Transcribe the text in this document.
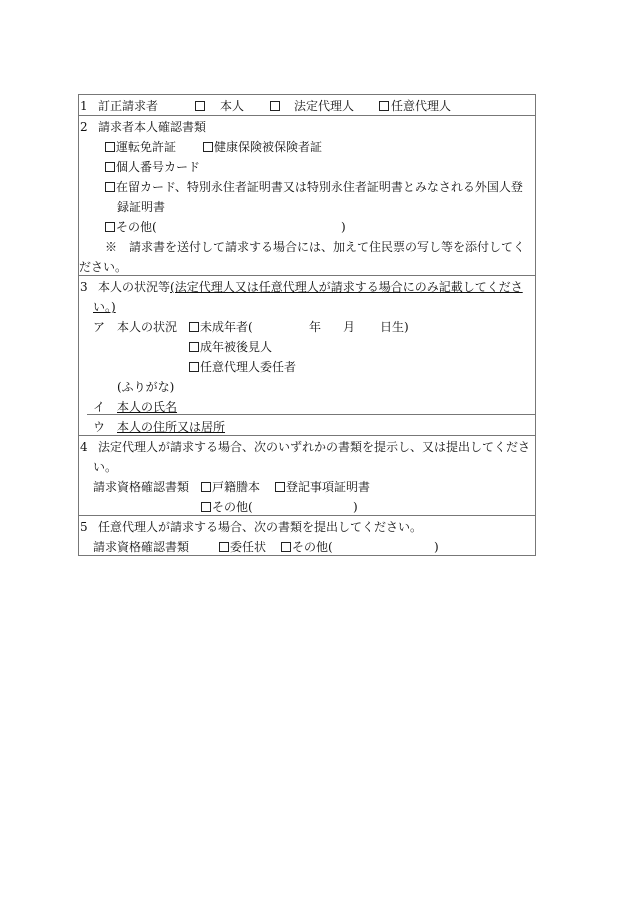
1 訂正請求者	本人	法定代理人	任意代理人
2 請求者本人確認書類
運転免許証	健康保険被保険者証
個人番号カード
在留カード、特別永住者証明書又は特別永住者証明書とみなされる外国人登
録証明書
その他(	)
※　請求書を送付して請求する場合には、加えて住民票の写し等を添付してく
ださい。
3 本人の状況等(法定代理人又は任意代理人が請求する場合にのみ記載してくださ
い。)
ア　本人の状況	未成年者(	年 月 日生)
成年被後見人
任意代理人委任者
(ふりがな)
イ 本人の氏名
ウ 本人の住所又は居所
4 法定代理人が請求する場合、次のいずれかの書類を提示し、又は提出してくださ
い。
請求資格確認書類	戸籍謄本	登記事項証明書
その他(	)
5 任意代理人が請求する場合、次の書類を提出してください。
請求資格確認書類	委任状	その他(	)
